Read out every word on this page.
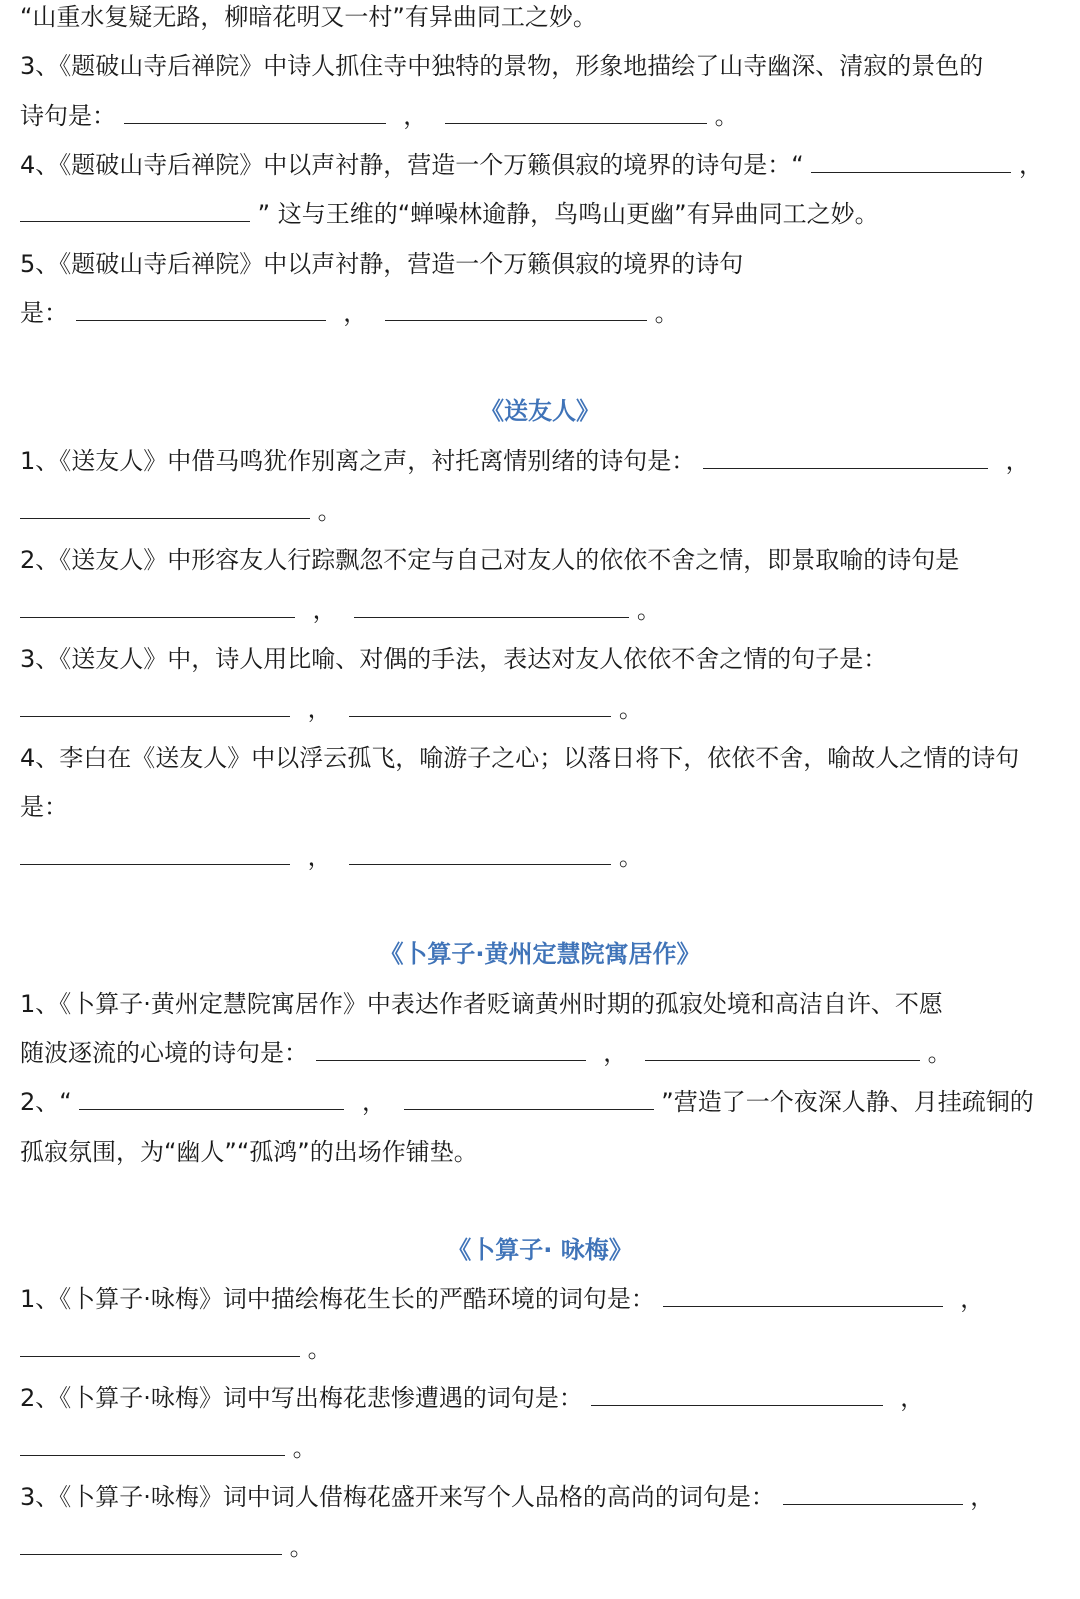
“山重水复疑无路，柳暗花明又一村”有异曲同工之妙。
3、《题破山寺后禅院》中诗人抓住寺中独特的景物，形象地描绘了山寺幽深、清寂的景色的
诗句是：	，	。
4、《题破山寺后禅院》中以声衬静，营造一个万籁俱寂的境界的诗句是：“	，
” 这与王维的“蝉噪林逾静，鸟鸣山更幽”有异曲同工之妙。
5、《题破山寺后禅院》中以声衬静，营造一个万籁俱寂的境界的诗句
是：	，	。
《送友人》
1、《送友人》中借马鸣犹作别离之声，衬托离情别绪的诗句是：	，
。
2、《送友人》中形容友人行踪飘忽不定与自己对友人的依依不舍之情，即景取喻的诗句是
，	。
3、《送友人》中，诗人用比喻、对偶的手法，表达对友人依依不舍之情的句子是：
，	。
4、李白在《送友人》中以浮云孤飞，喻游子之心；以落日将下，依依不舍，喻故人之情的诗句
是：
，	。
《卜算子·黄州定慧院寓居作》
1、《卜算子·黄州定慧院寓居作》中表达作者贬谪黄州时期的孤寂处境和高洁自许、不愿
随波逐流的心境的诗句是：	，	。
2、“	，	”营造了一个夜深人静、月挂疏铜的
孤寂氛围，为“幽人”“孤鸿”的出场作铺垫。
《卜算子· 咏梅》
1、《卜算子·咏梅》词中描绘梅花生长的严酷环境的词句是：	，
。
2、《卜算子·咏梅》词中写出梅花悲惨遭遇的词句是：	，
。
3、《卜算子·咏梅》词中词人借梅花盛开来写个人品格的高尚的词句是：	，
。
